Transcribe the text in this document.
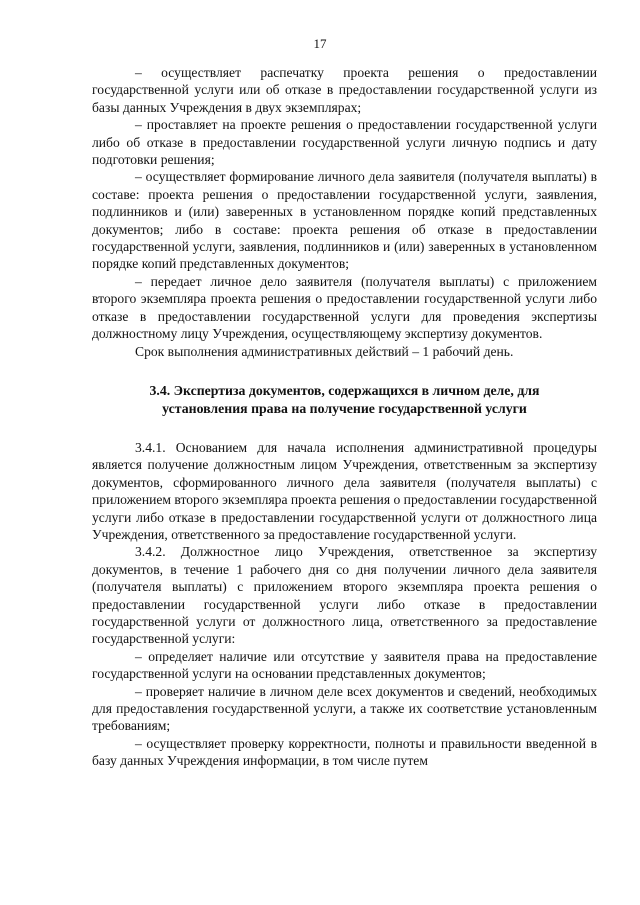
17

– осуществляет распечатку проекта решения о предоставлении государственной услуги или об отказе в предоставлении государственной услуги из базы данных Учреждения в двух экземплярах;

– проставляет на проекте решения о предоставлении государственной услуги либо об отказе в предоставлении государственной услуги личную подпись и дату подготовки решения;

– осуществляет формирование личного дела заявителя (получателя выплаты) в составе: проекта решения о предоставлении государственной услуги, заявления, подлинников и (или) заверенных в установленном порядке копий представленных документов; либо в составе: проекта решения об отказе в предоставлении государственной услуги, заявления, подлинников и (или) заверенных в установленном порядке копий представленных документов;

– передает личное дело заявителя (получателя выплаты) с приложением второго экземпляра проекта решения о предоставлении государственной услуги либо отказе в предоставлении государственной услуги для проведения экспертизы должностному лицу Учреждения, осуществляющему экспертизу документов.

Срок выполнения административных действий – 1 рабочий день.

3.4. Экспертиза документов, содержащихся в личном деле, для
установления права на получение государственной услуги

3.4.1. Основанием для начала исполнения административной процедуры является получение должностным лицом Учреждения, ответственным за экспертизу документов, сформированного личного дела заявителя (получателя выплаты) с приложением второго экземпляра проекта решения о предоставлении государственной услуги либо отказе в предоставлении государственной услуги от должностного лица Учреждения, ответственного за предоставление государственной услуги.

3.4.2. Должностное лицо Учреждения, ответственное за экспертизу документов, в течение 1 рабочего дня со дня получении личного дела заявителя (получателя выплаты) с приложением второго экземпляра проекта решения о предоставлении государственной услуги либо отказе в предоставлении государственной услуги от должностного лица, ответственного за предоставление государственной услуги:

– определяет наличие или отсутствие у заявителя права на предоставление государственной услуги на основании представленных документов;

– проверяет наличие в личном деле всех документов и сведений, необходимых для предоставления государственной услуги, а также их соответствие установленным требованиям;

– осуществляет проверку корректности, полноты и правильности введенной в базу данных Учреждения информации, в том числе путем
